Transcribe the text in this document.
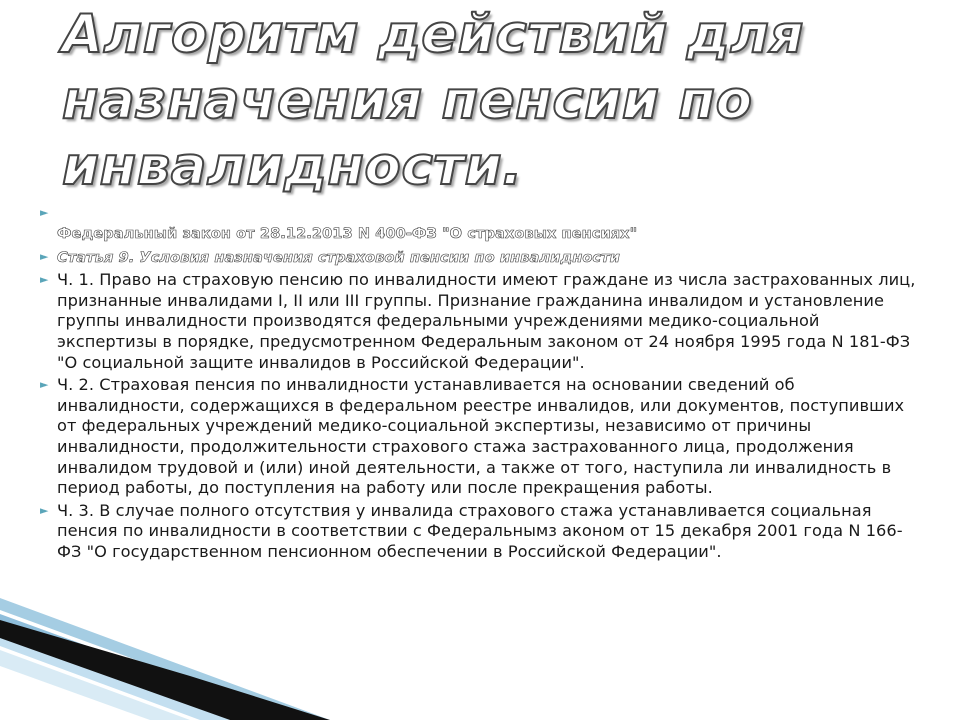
Алгоритм действий для назначения пенсии по инвалидности.
►
Федеральный закон от 28.12.2013 N 400-ФЗ "О страховых пенсиях"
► Статья 9. Условия назначения страховой пенсии по инвалидности
► Ч. 1. Право на страховую пенсию по инвалидности имеют граждане из числа застрахованных лиц, признанные инвалидами I, II или III группы. Признание гражданина инвалидом и установление группы инвалидности производятся федеральными учреждениями медико-социальной экспертизы в порядке, предусмотренном Федеральным законом от 24 ноября 1995 года N 181-ФЗ "О социальной защите инвалидов в Российской Федерации".
► Ч. 2. Страховая пенсия по инвалидности устанавливается на основании сведений об инвалидности, содержащихся в федеральном реестре инвалидов, или документов, поступивших от федеральных учреждений медико-социальной экспертизы, независимо от причины инвалидности, продолжительности страхового стажа застрахованного лица, продолжения инвалидом трудовой и (или) иной деятельности, а также от того, наступила ли инвалидность в период работы, до поступления на работу или после прекращения работы.
► Ч. 3. В случае полного отсутствия у инвалида страхового стажа устанавливается социальная пенсия по инвалидности в соответствии с Федеральнымз аконом от 15 декабря 2001 года N 166-ФЗ "О государственном пенсионном обеспечении в Российской Федерации".
